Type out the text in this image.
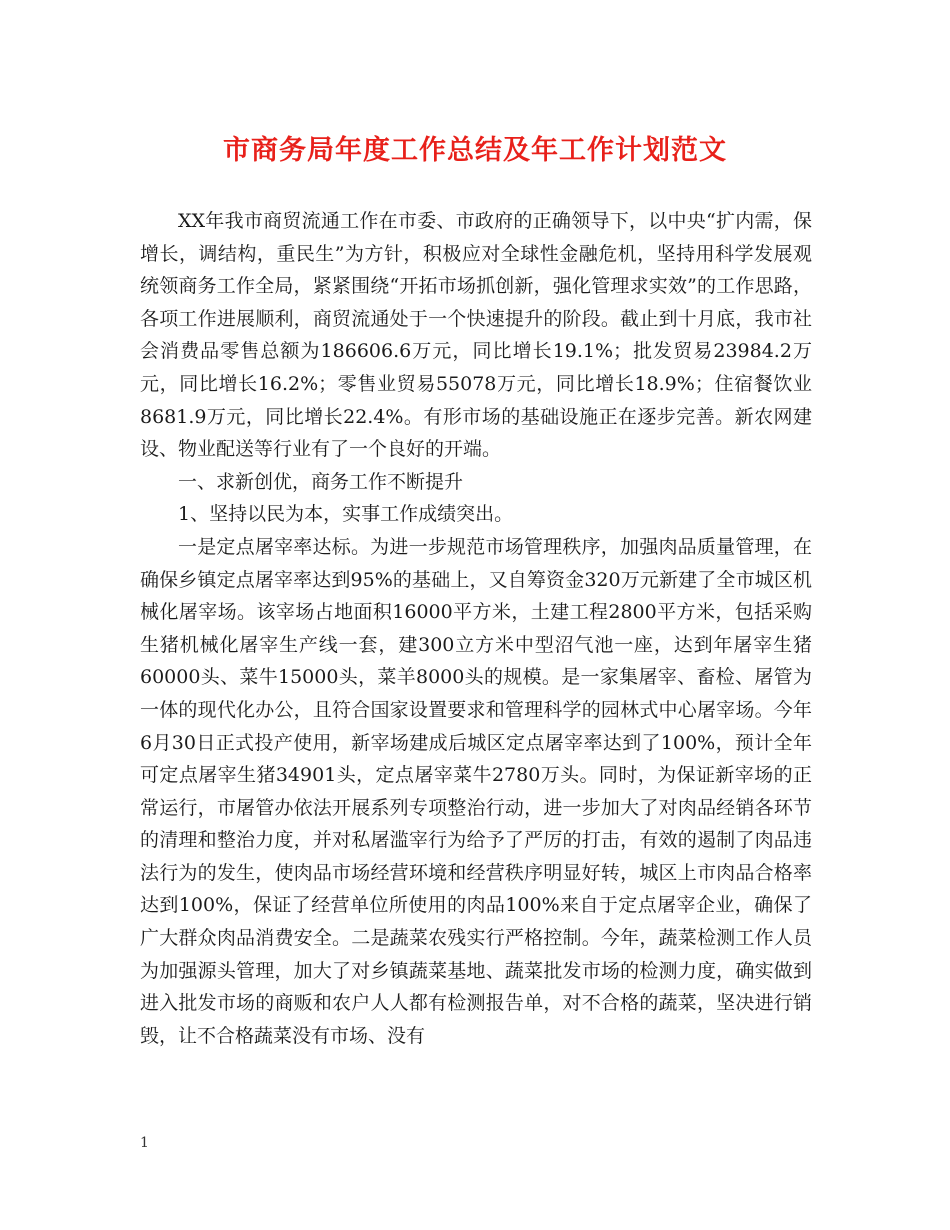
市商务局年度工作总结及年工作计划范文

XX年我市商贸流通工作在市委、市政府的正确领导下，以中央“扩内需，保增长，调结构，重民生”为方针，积极应对全球性金融危机，坚持用科学发展观统领商务工作全局，紧紧围绕“开拓市场抓创新，强化管理求实效”的工作思路，各项工作进展顺利，商贸流通处于一个快速提升的阶段。截止到十月底，我市社会消费品零售总额为186606.6万元，同比增长19.1%；批发贸易23984.2万元，同比增长16.2%；零售业贸易55078万元，同比增长18.9%；住宿餐饮业8681.9万元，同比增长22.4%。有形市场的基础设施正在逐步完善。新农网建设、物业配送等行业有了一个良好的开端。

一、求新创优，商务工作不断提升

1、坚持以民为本，实事工作成绩突出。

一是定点屠宰率达标。为进一步规范市场管理秩序，加强肉品质量管理，在确保乡镇定点屠宰率达到95%的基础上，又自筹资金320万元新建了全市城区机械化屠宰场。该宰场占地面积16000平方米，土建工程2800平方米，包括采购生猪机械化屠宰生产线一套，建300立方米中型沼气池一座，达到年屠宰生猪60000头、菜牛15000头，菜羊8000头的规模。是一家集屠宰、畜检、屠管为一体的现代化办公，且符合国家设置要求和管理科学的园林式中心屠宰场。今年6月30日正式投产使用，新宰场建成后城区定点屠宰率达到了100%，预计全年可定点屠宰生猪34901头，定点屠宰菜牛2780万头。同时，为保证新宰场的正常运行，市屠管办依法开展系列专项整治行动，进一步加大了对肉品经销各环节的清理和整治力度，并对私屠滥宰行为给予了严厉的打击，有效的遏制了肉品违法行为的发生，使肉品市场经营环境和经营秩序明显好转，城区上市肉品合格率达到100%，保证了经营单位所使用的肉品100%来自于定点屠宰企业，确保了广大群众肉品消费安全。二是蔬菜农残实行严格控制。今年，蔬菜检测工作人员为加强源头管理，加大了对乡镇蔬菜基地、蔬菜批发市场的检测力度，确实做到进入批发市场的商贩和农户人人都有检测报告单，对不合格的蔬菜，坚决进行销毁，让不合格蔬菜没有市场、没有

1
